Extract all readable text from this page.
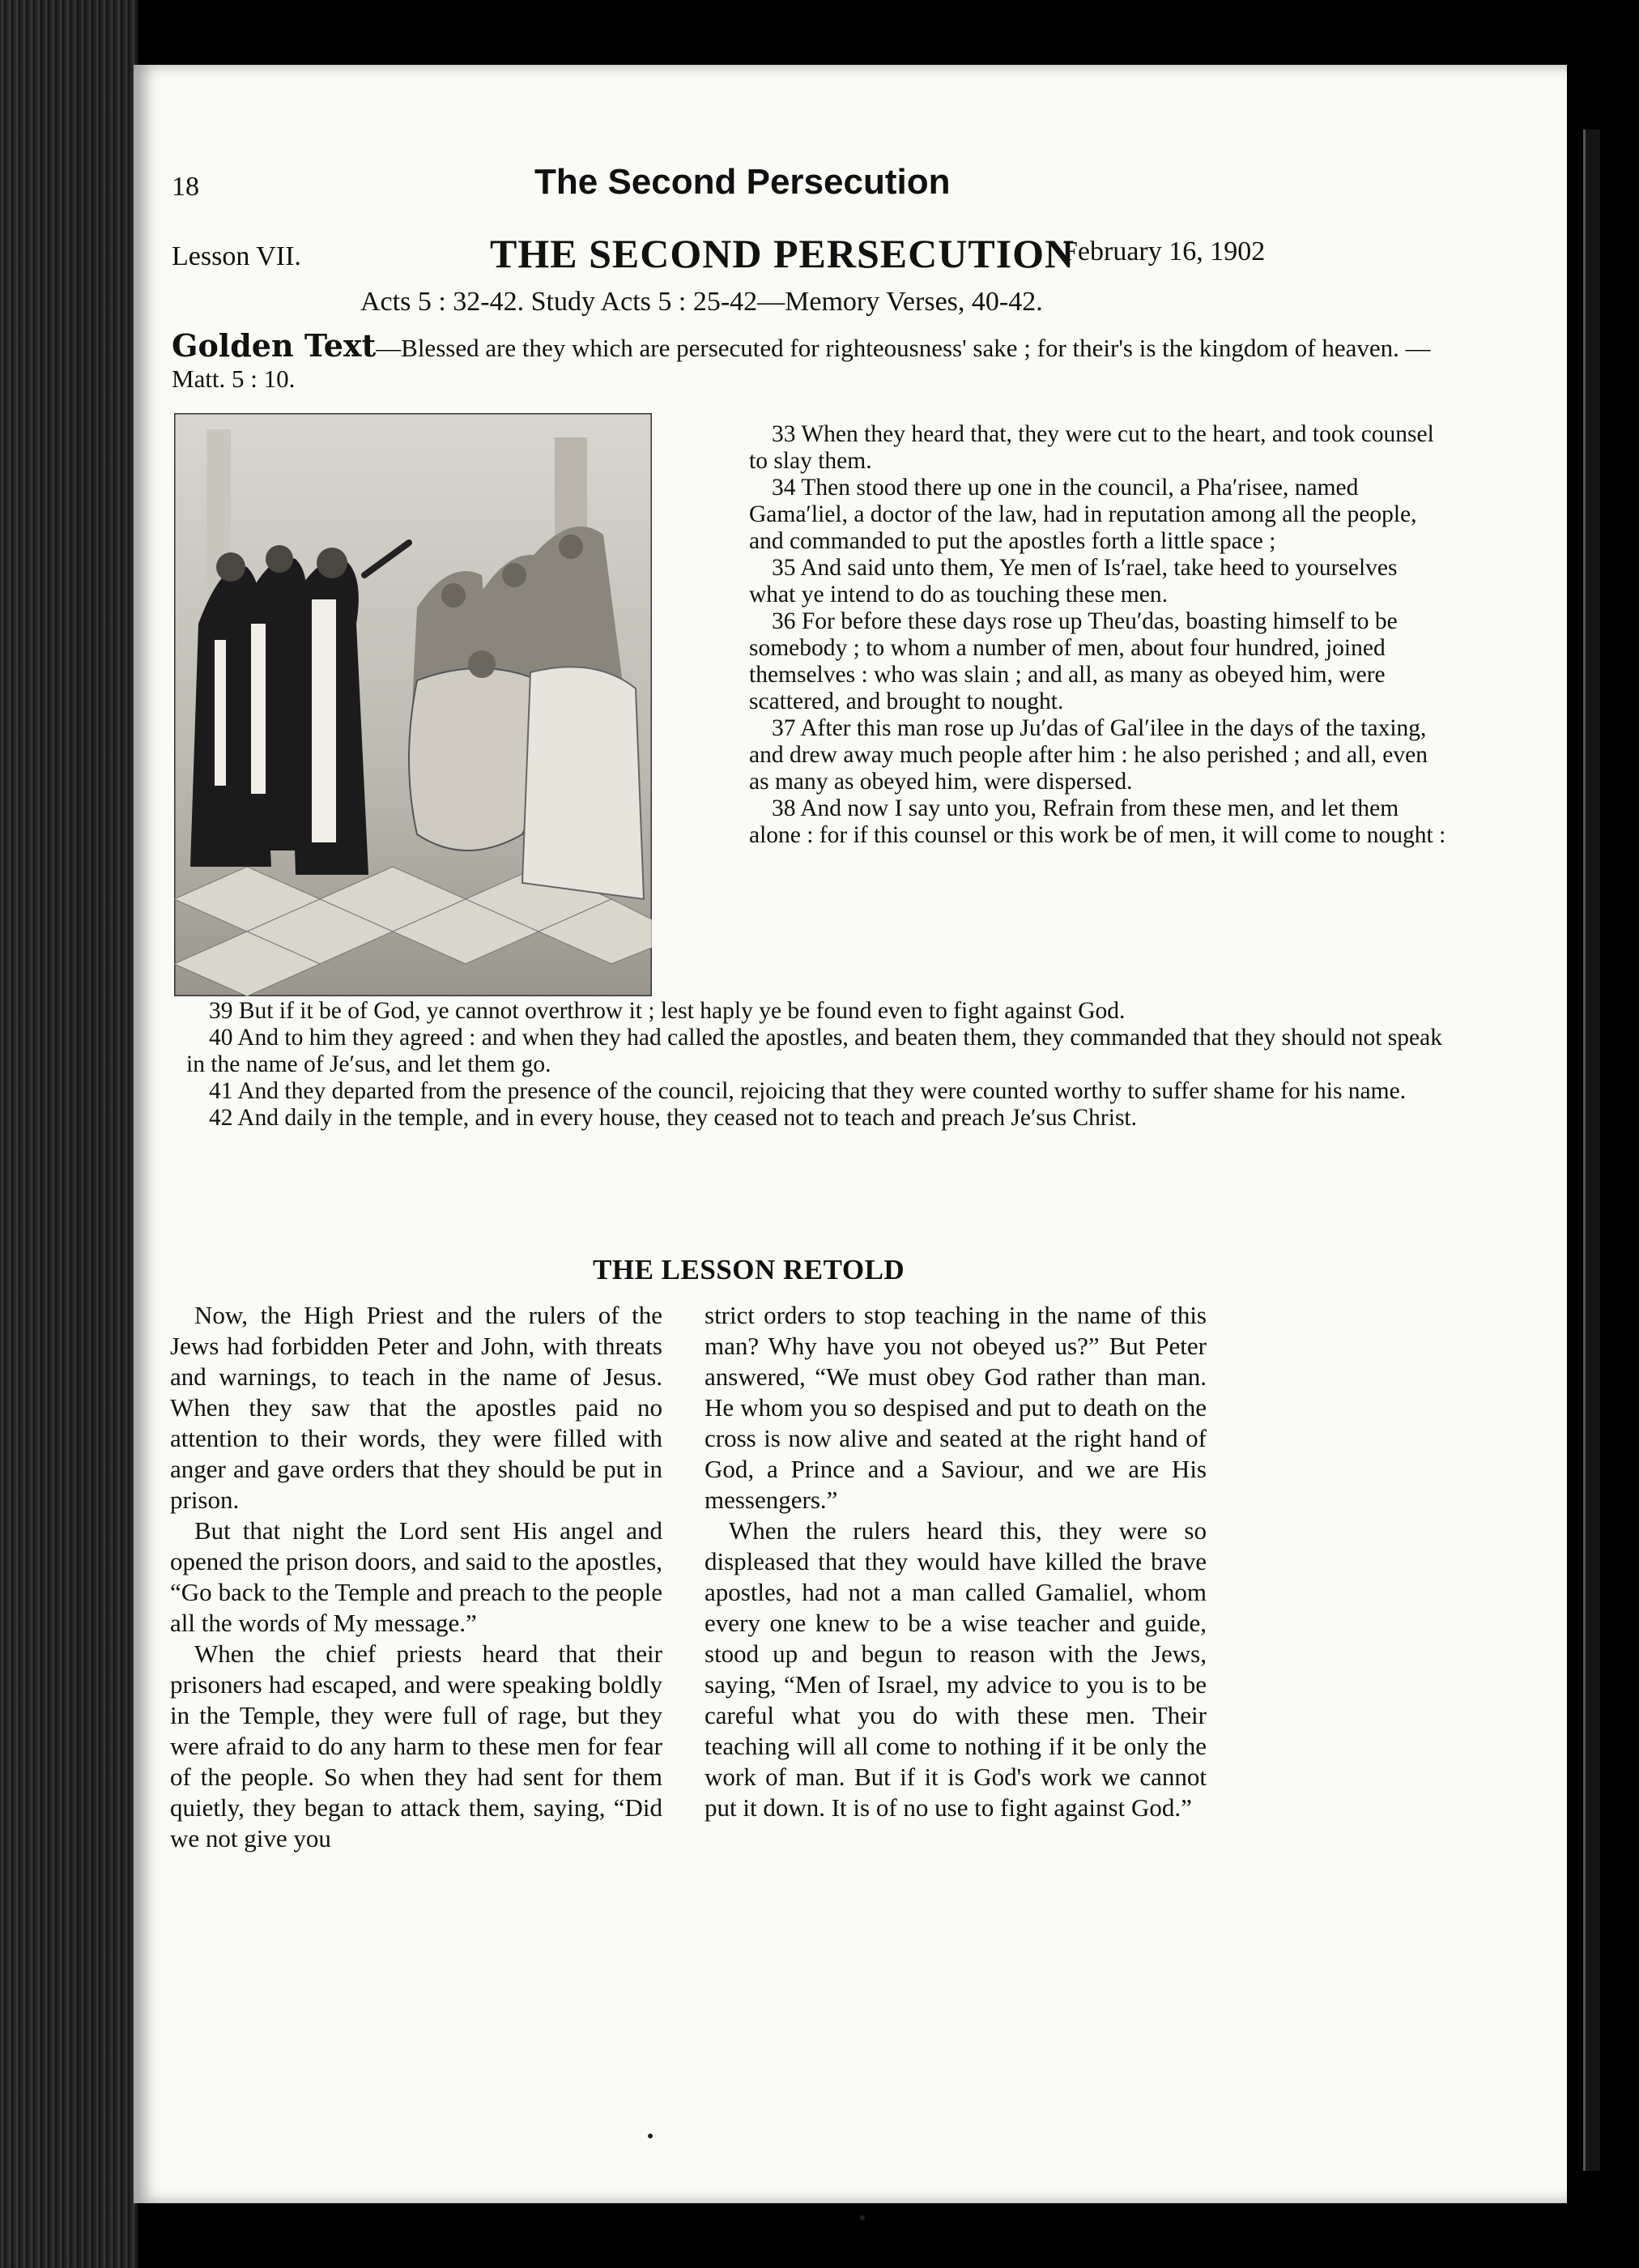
18	The Second Persecution
Lesson VII.	THE SECOND PERSECUTION
February 16, 1902
Acts 5 : 32-42. Study Acts 5 : 25-42—Memory Verses, 40-42.
Golden Text—Blessed are they which are persecuted for righteousness' sake ; for their's is the kingdom of heaven. —Matt. 5 : 10.

33 When they heard that, they were cut to the heart, and took counsel to slay them.

34 Then stood there up one in the council, a Pha′risee, named Gama′liel, a doctor of the law, had in reputation among all the people, and commanded to put the apostles forth a little space ;

35 And said unto them, Ye men of Is′rael, take heed to yourselves what ye intend to do as touching these men.

36 For before these days rose up Theu′das, boasting himself to be somebody ; to whom a number of men, about four hundred, joined themselves : who was slain ; and all, as many as obeyed him, were scattered, and brought to nought.

37 After this man rose up Ju′das of Gal′ilee in the days of the taxing, and drew away much people after him : he also perished ; and all, even as many as obeyed him, were dispersed.

38 And now I say unto you, Refrain from these men, and let them alone : for if this counsel or this work be of men, it will come to nought :

39 But if it be of God, ye cannot overthrow it ; lest haply ye be found even to fight against God.

40 And to him they agreed : and when they had called the apostles, and beaten them, they commanded that they should not speak in the name of Je′sus, and let them go.

41 And they departed from the presence of the council, rejoicing that they were counted worthy to suffer shame for his name.

42 And daily in the temple, and in every house, they ceased not to teach and preach Je′sus Christ.

THE LESSON RETOLD

Now, the High Priest and the rulers of the Jews had forbidden Peter and John, with threats and warnings, to teach in the name of Jesus. When they saw that the apostles paid no attention to their words, they were filled with anger and gave orders that they should be put in prison.

But that night the Lord sent His angel and opened the prison doors, and said to the apostles, “Go back to the Temple and preach to the people all the words of My message.”

When the chief priests heard that their prisoners had escaped, and were speaking boldly in the Temple, they were full of rage, but they were afraid to do any harm to these men for fear of the people. So when they had sent for them quietly, they began to attack them, saying, “Did we not give you

strict orders to stop teaching in the name of this man? Why have you not obeyed us?” But Peter answered, “We must obey God rather than man. He whom you so despised and put to death on the cross is now alive and seated at the right hand of God, a Prince and a Saviour, and we are His messengers.”

When the rulers heard this, they were so displeased that they would have killed the brave apostles, had not a man called Gamaliel, whom every one knew to be a wise teacher and guide, stood up and begun to reason with the Jews, saying, “Men of Israel, my advice to you is to be careful what you do with these men. Their teaching will all come to nothing if it be only the work of man. But if it is God's work we cannot put it down. It is of no use to fight against God.”
